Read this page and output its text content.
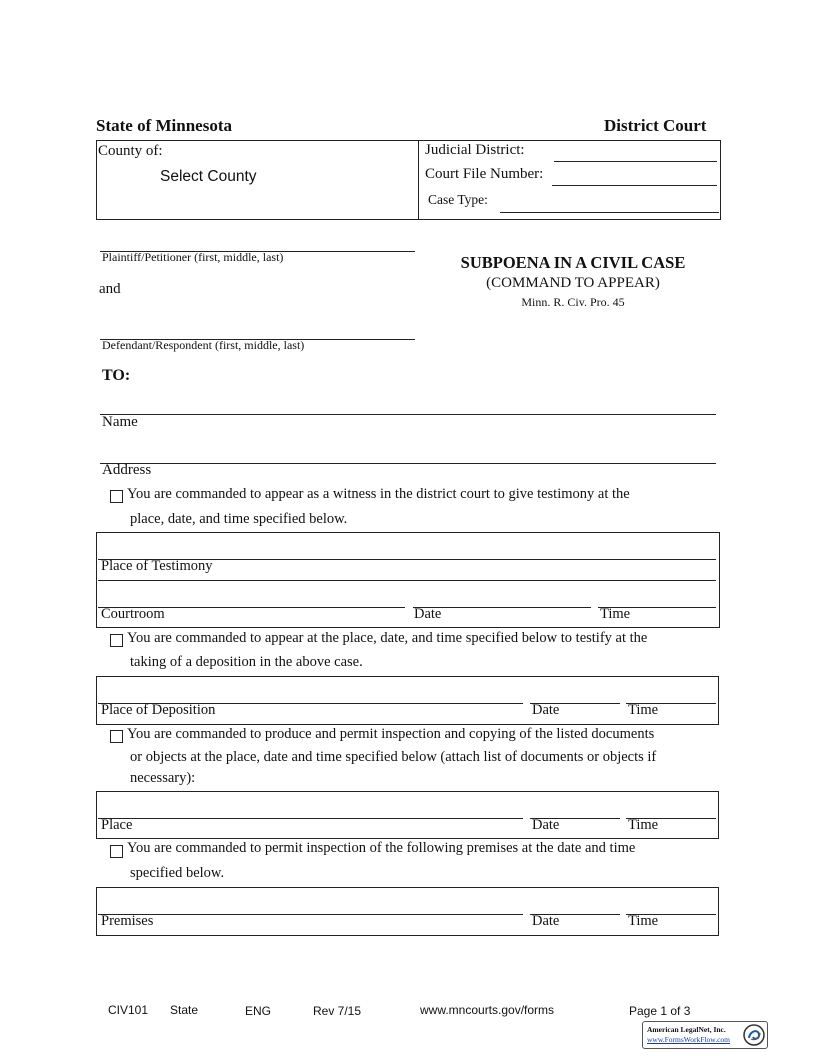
State of Minnesota	District Court
County of:
Select County
Judicial District:
Court File Number:
Case Type:
Plaintiff/Petitioner (first, middle, last)
and
Defendant/Respondent (first, middle, last)
SUBPOENA IN A CIVIL CASE
(COMMAND TO APPEAR)
Minn. R. Civ. Pro. 45
TO:
Name
Address
You are commanded to appear as a witness in the district court to give testimony at the
place, date, and time specified below.
Place of Testimony
Courtroom	Date	Time
You are commanded to appear at the place, date, and time specified below to testify at the
taking of a deposition in the above case.
Place of Deposition	Date	Time
You are commanded to produce and permit inspection and copying of the listed documents
or objects at the place, date and time specified below (attach list of documents or objects if
necessary):
Place	Date	Time
You are commanded to permit inspection of the following premises at the date and time
specified below.
Premises	Date	Time
CIV101 State	ENG	Rev 7/15	www.mncourts.gov/forms	Page 1 of 3
American LegalNet, Inc.
www.FormsWorkFlow.com
